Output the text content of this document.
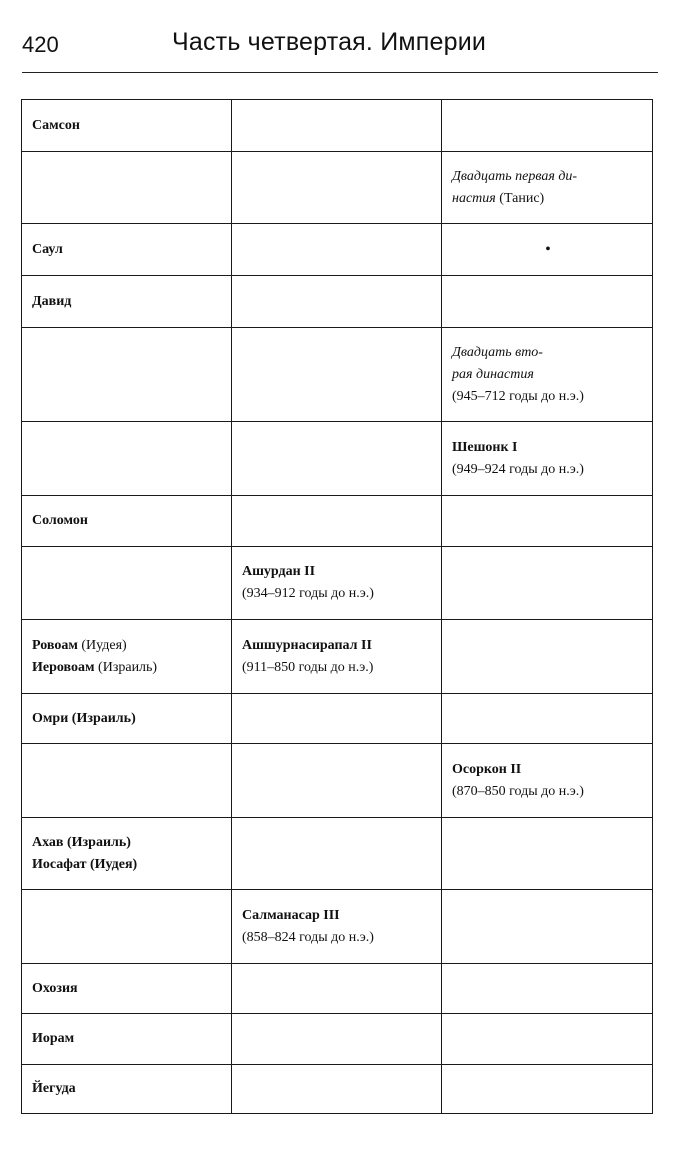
420	Часть четвертая. Империи
Самсон		

		Двадцать первая ди-
настия (Танис)

Саул		•

Давид		

		Двадцать вто-
рая династия
(945–712 годы до н.э.)

		Шешонк I
(949–924 годы до н.э.)

Соломон		

	Ашурдан II
(934–912 годы до н.э.)	

Ровоам (Иудея)
Иеровоам (Израиль)	Ашшурнасирапал II
(911–850 годы до н.э.)	

Омри (Израиль)		

		Осоркон II
(870–850 годы до н.э.)

Ахав (Израиль)
Иосафат (Иудея)		

	Салманасар III
(858–824 годы до н.э.)	

Охозия		

Иорам		

Йегуда		
